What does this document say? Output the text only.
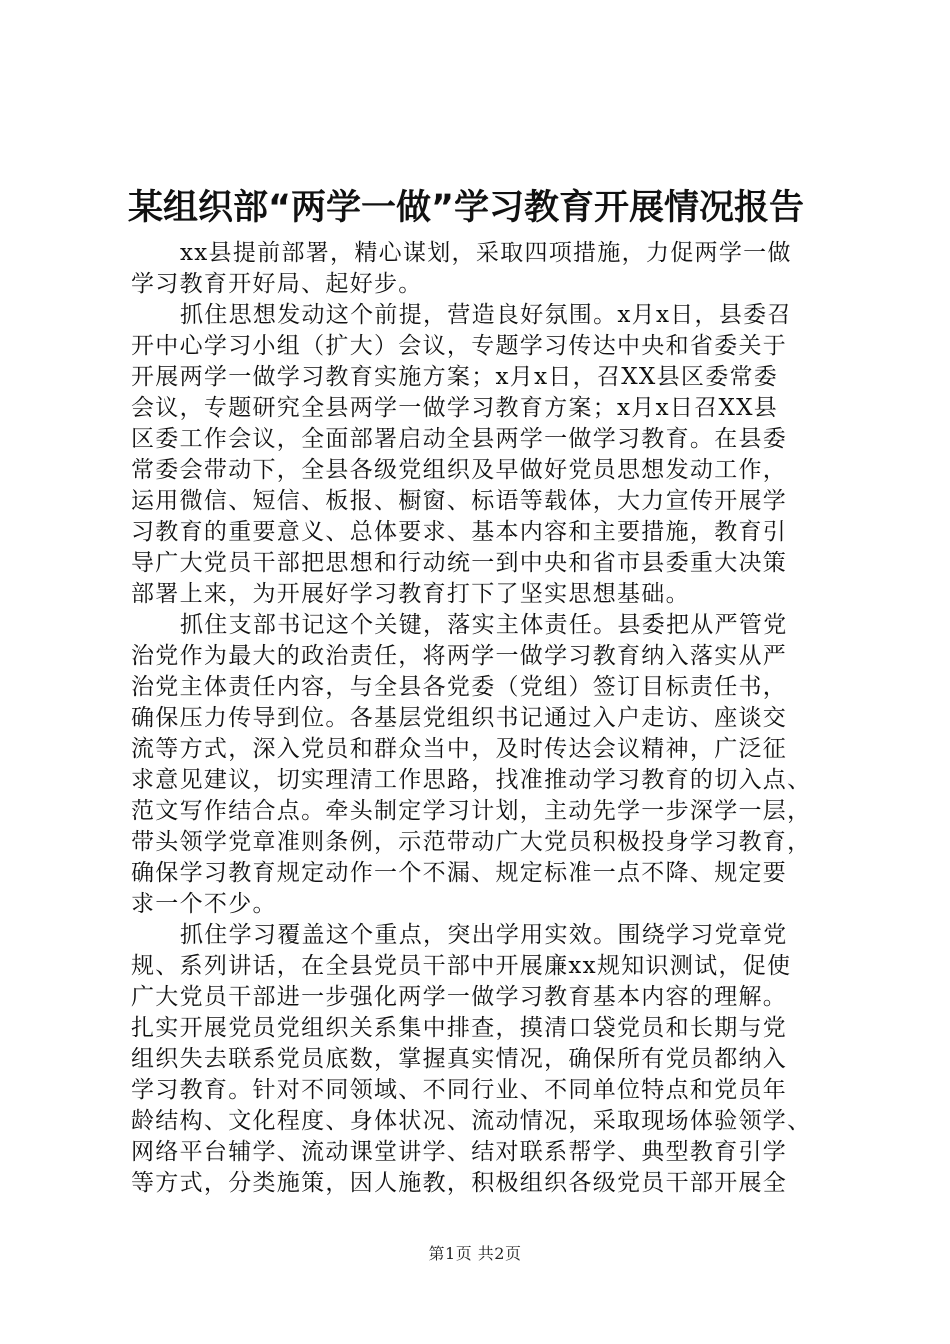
某组织部“两学一做”学习教育开展情况报告

xx县提前部署，精心谋划，采取四项措施，力促两学一做
学习教育开好局、起好步。

抓住思想发动这个前提，营造良好氛围。x月x日，县委召
开中心学习小组（扩大）会议，专题学习传达中央和省委关于
开展两学一做学习教育实施方案；x月x日，召XX县区委常委
会议，专题研究全县两学一做学习教育方案；x月x日召XX县
区委工作会议，全面部署启动全县两学一做学习教育。在县委
常委会带动下，全县各级党组织及早做好党员思想发动工作，
运用微信、短信、板报、橱窗、标语等载体，大力宣传开展学
习教育的重要意义、总体要求、基本内容和主要措施，教育引
导广大党员干部把思想和行动统一到中央和省市县委重大决策
部署上来，为开展好学习教育打下了坚实思想基础。

抓住支部书记这个关键，落实主体责任。县委把从严管党
治党作为最大的政治责任，将两学一做学习教育纳入落实从严
治党主体责任内容，与全县各党委（党组）签订目标责任书，
确保压力传导到位。各基层党组织书记通过入户走访、座谈交
流等方式，深入党员和群众当中，及时传达会议精神，广泛征
求意见建议，切实理清工作思路，找准推动学习教育的切入点、
范文写作结合点。牵头制定学习计划，主动先学一步深学一层，
带头领学党章准则条例，示范带动广大党员积极投身学习教育，
确保学习教育规定动作一个不漏、规定标准一点不降、规定要
求一个不少。

抓住学习覆盖这个重点，突出学用实效。围绕学习党章党
规、系列讲话，在全县党员干部中开展廉xx规知识测试，促使
广大党员干部进一步强化两学一做学习教育基本内容的理解。
扎实开展党员党组织关系集中排查，摸清口袋党员和长期与党
组织失去联系党员底数，掌握真实情况，确保所有党员都纳入
学习教育。针对不同领域、不同行业、不同单位特点和党员年
龄结构、文化程度、身体状况、流动情况，采取现场体验领学、
网络平台辅学、流动课堂讲学、结对联系帮学、典型教育引学
等方式，分类施策，因人施教，积极组织各级党员干部开展全

第1页 共2页
